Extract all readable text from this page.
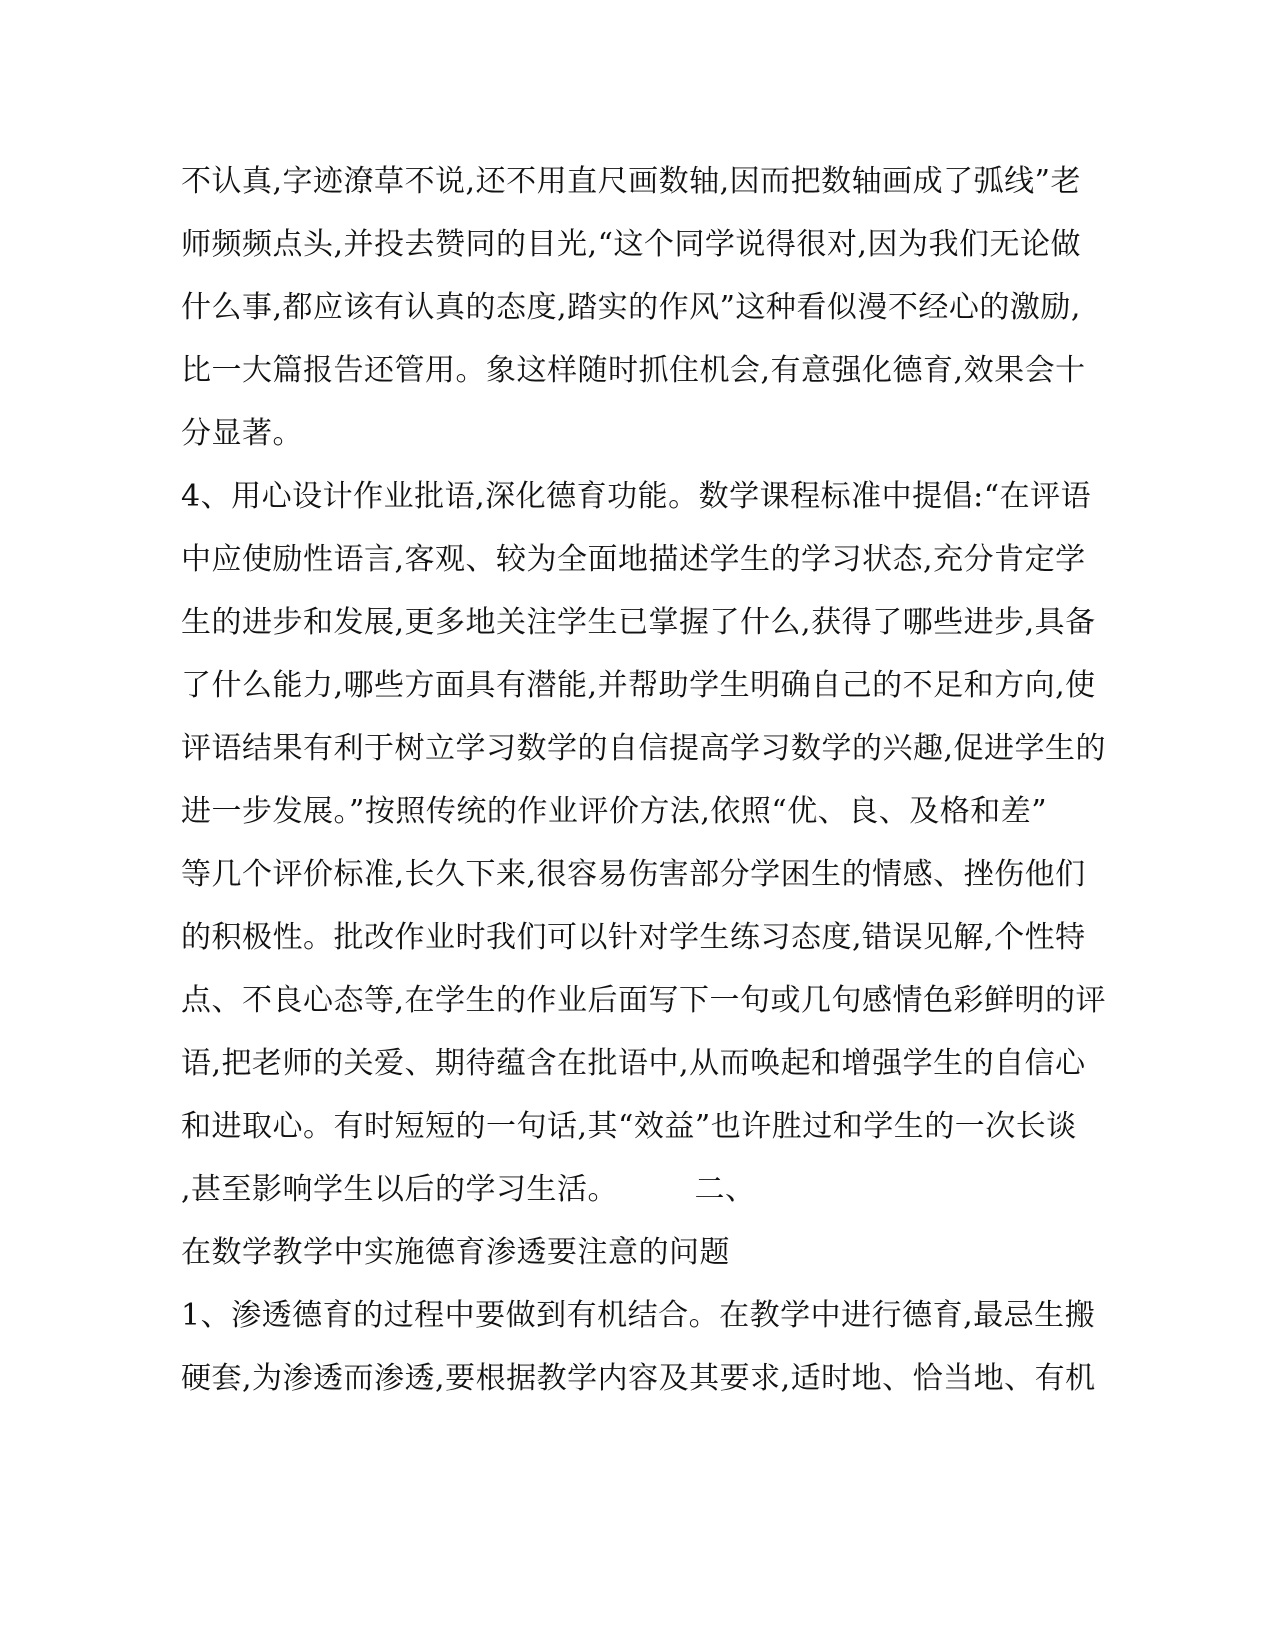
不认真,字迹潦草不说,还不用直尺画数轴,因而把数轴画成了弧线”老
师频频点头,并投去赞同的目光,“这个同学说得很对,因为我们无论做
什么事,都应该有认真的态度,踏实的作风”这种看似漫不经心的激励,
比一大篇报告还管用。象这样随时抓住机会,有意强化德育,效果会十
分显著。
4、用心设计作业批语,深化德育功能。数学课程标准中提倡:“在评语
中应使励性语言,客观、较为全面地描述学生的学习状态,充分肯定学
生的进步和发展,更多地关注学生已掌握了什么,获得了哪些进步,具备
了什么能力,哪些方面具有潜能,并帮助学生明确自己的不足和方向,使
评语结果有利于树立学习数学的自信提高学习数学的兴趣,促进学生的
进一步发展。”按照传统的作业评价方法,依照“优、良、及格和差”
等几个评价标准,长久下来,很容易伤害部分学困生的情感、挫伤他们
的积极性。批改作业时我们可以针对学生练习态度,错误见解,个性特
点、不良心态等,在学生的作业后面写下一句或几句感情色彩鲜明的评
语,把老师的关爱、期待蕴含在批语中,从而唤起和增强学生的自信心
和进取心。有时短短的一句话,其“效益”也许胜过和学生的一次长谈
,甚至影响学生以后的学习生活。　　　二、
在数学教学中实施德育渗透要注意的问题
1、渗透德育的过程中要做到有机结合。在教学中进行德育,最忌生搬
硬套,为渗透而渗透,要根据教学内容及其要求,适时地、恰当地、有机
